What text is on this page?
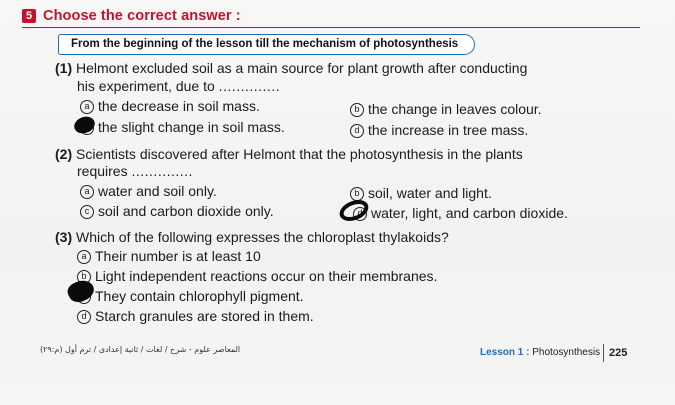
5 Choose the correct answer :
From the beginning of the lesson till the mechanism of photosynthesis
(1) Helmont excluded soil as a main source for plant growth after conducting
his experiment, due to ..............
a the decrease in soil mass.	b the change in leaves colour.
the slight change in soil mass.	d the increase in tree mass.
(2) Scientists discovered after Helmont that the photosynthesis in the plants
requires ..............
a water and soil only.	b soil, water and light.
c soil and carbon dioxide only.	d water, light, and carbon dioxide.
(3) Which of the following expresses the chloroplast thylakoids?
a Their number is at least 10
b Light independent reactions occur on their membranes.
They contain chlorophyll pigment.
d Starch granules are stored in them.
المعاصر علوم - شرح / لغات / ثانية إعدادى / ترم أول (م:٢٩)	Lesson 1 : Photosynthesis 225
